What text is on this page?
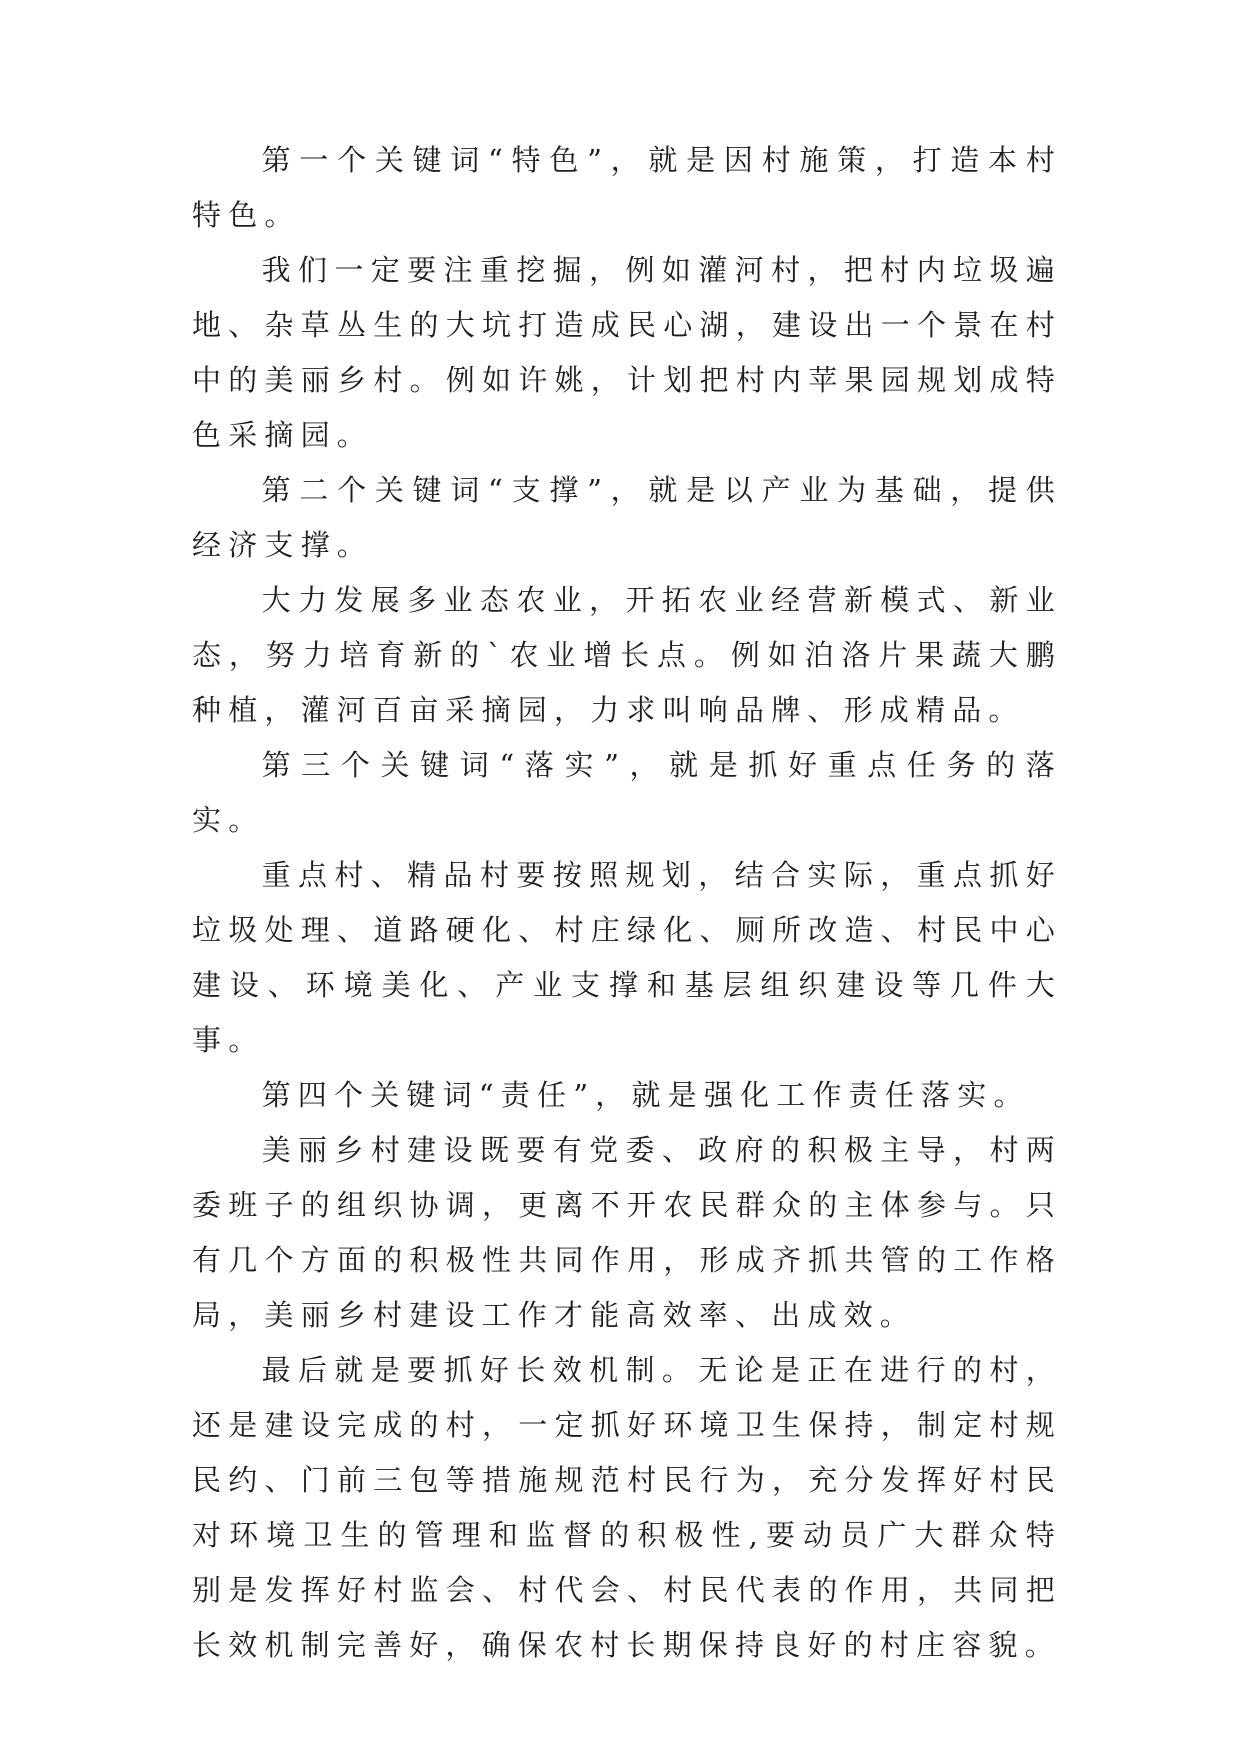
第一个关键词“特色”，就是因村施策，打造本村特色。

我们一定要注重挖掘，例如灌河村，把村内垃圾遍地、杂草丛生的大坑打造成民心湖，建设出一个景在村中的美丽乡村。例如许姚，计划把村内苹果园规划成特色采摘园。

第二个关键词“支撑”，就是以产业为基础，提供经济支撑。

大力发展多业态农业，开拓农业经营新模式、新业态，努力培育新的`农业增长点。例如泊洛片果蔬大鹏种植，灌河百亩采摘园，力求叫响品牌、形成精品。

第三个关键词“落实”，就是抓好重点任务的落实。

重点村、精品村要按照规划，结合实际，重点抓好垃圾处理、道路硬化、村庄绿化、厕所改造、村民中心建设、环境美化、产业支撑和基层组织建设等几件大事。

第四个关键词“责任”，就是强化工作责任落实。

美丽乡村建设既要有党委、政府的积极主导，村两委班子的组织协调，更离不开农民群众的主体参与。只有几个方面的积极性共同作用，形成齐抓共管的工作格局，美丽乡村建设工作才能高效率、出成效。

最后就是要抓好长效机制。无论是正在进行的村，还是建设完成的村，一定抓好环境卫生保持，制定村规民约、门前三包等措施规范村民行为，充分发挥好村民对环境卫生的管理和监督的积极性,要动员广大群众特别是发挥好村监会、村代会、村民代表的作用，共同把长效机制完善好，确保农村长期保持良好的村庄容貌。
